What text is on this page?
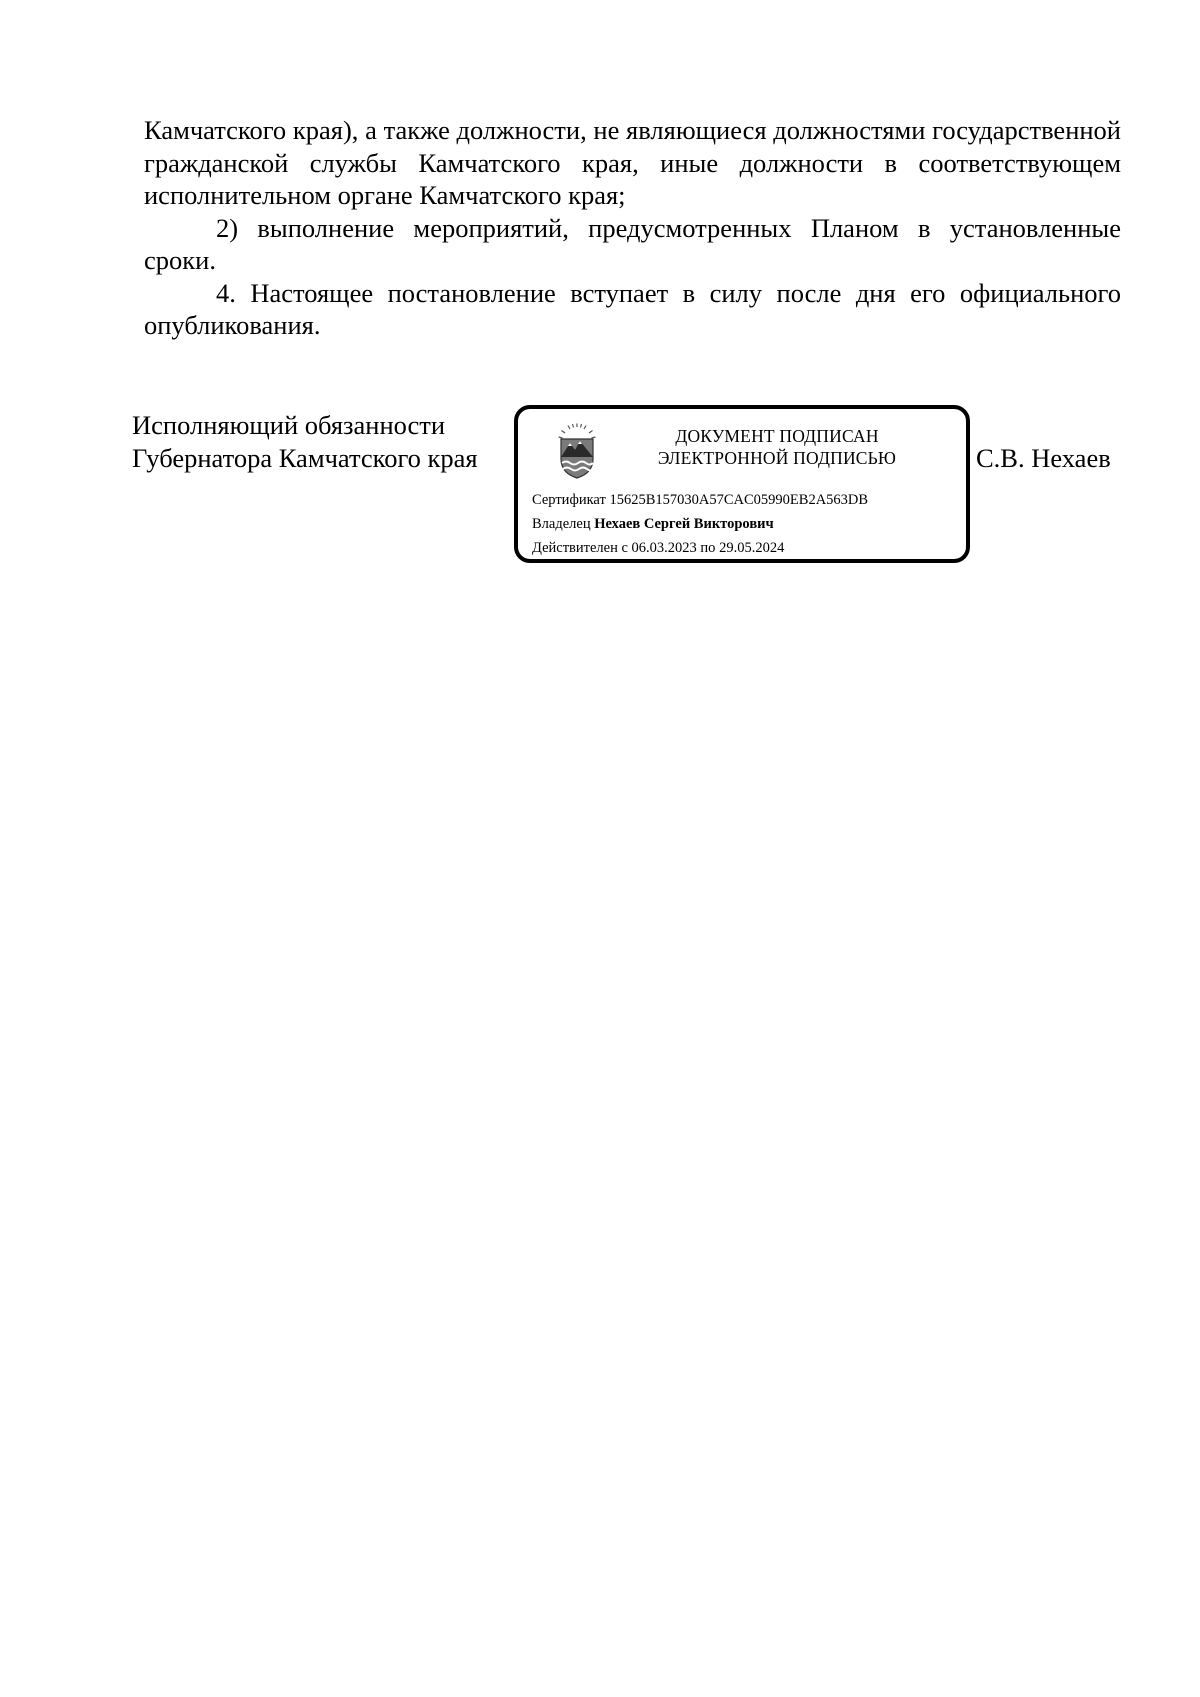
Камчатского края), а также должности, не являющиеся должностями государственной гражданской службы Камчатского края, иные должности в соответствующем исполнительном органе Камчатского края;

2) выполнение мероприятий, предусмотренных Планом в установленные сроки.

4. Настоящее постановление вступает в силу после дня его официального опубликования.

Исполняющий обязанности
Губернатора Камчатского края
ДОКУМЕНТ ПОДПИСАН
ЭЛЕКТРОННОЙ ПОДПИСЬЮ
Сертификат 15625B157030A57CAC05990EB2A563DB
Владелец Нехаев Сергей Викторович
Действителен с 06.03.2023 по 29.05.2024
С.В. Нехаев
